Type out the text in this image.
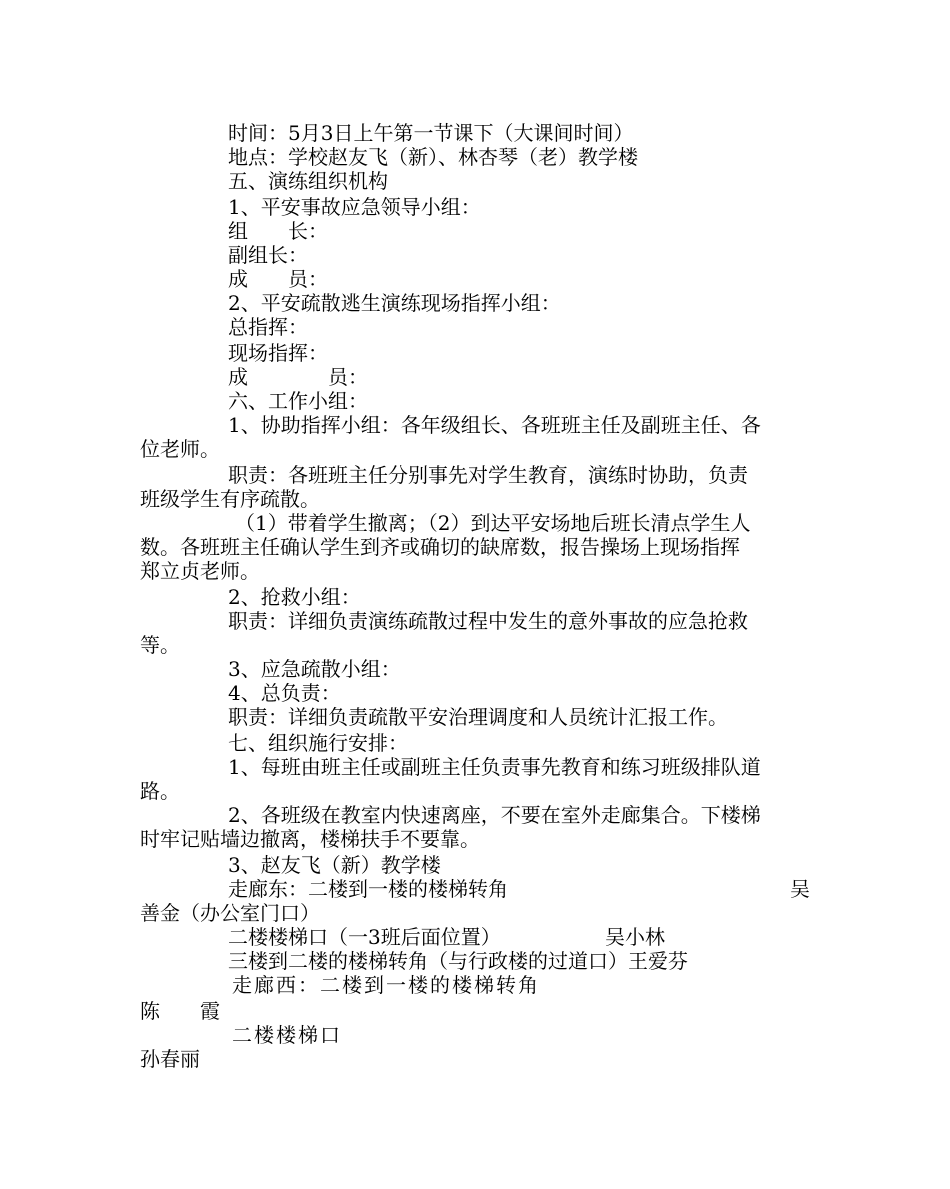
时间：5月3日上午第一节课下（大课间时间）
地点：学校赵友飞（新）、林杏琴（老）教学楼
五、演练组织机构
1、平安事故应急领导小组：
组　　长：
副组长：
成　　员：
2、平安疏散逃生演练现场指挥小组：
总指挥：
现场指挥：
成　　　　员：
六、工作小组：
1、协助指挥小组：各年级组长、各班班主任及副班主任、各
位老师。
职责：各班班主任分别事先对学生教育，演练时协助，负责
班级学生有序疏散。
（1）带着学生撤离；（2）到达平安场地后班长清点学生人
数。各班班主任确认学生到齐或确切的缺席数，报告操场上现场指挥
郑立贞老师。
2、抢救小组：
职责：详细负责演练疏散过程中发生的意外事故的应急抢救
等。
3、应急疏散小组：
4、总负责：
职责：详细负责疏散平安治理调度和人员统计汇报工作。
七、组织施行安排：
1、每班由班主任或副班主任负责事先教育和练习班级排队道
路。
2、各班级在教室内快速离座，不要在室外走廊集合。下楼梯
时牢记贴墙边撤离，楼梯扶手不要靠。
3、赵友飞（新）教学楼
走廊东：二楼到一楼的楼梯转角	吴
善金（办公室门口）
二楼楼梯口（一3班后面位置）	吴小林
三楼到二楼的楼梯转角（与行政楼的过道口）王爱芬
走廊西：二楼到一楼的楼梯转角
陈　　霞
二楼楼梯口
孙春丽
